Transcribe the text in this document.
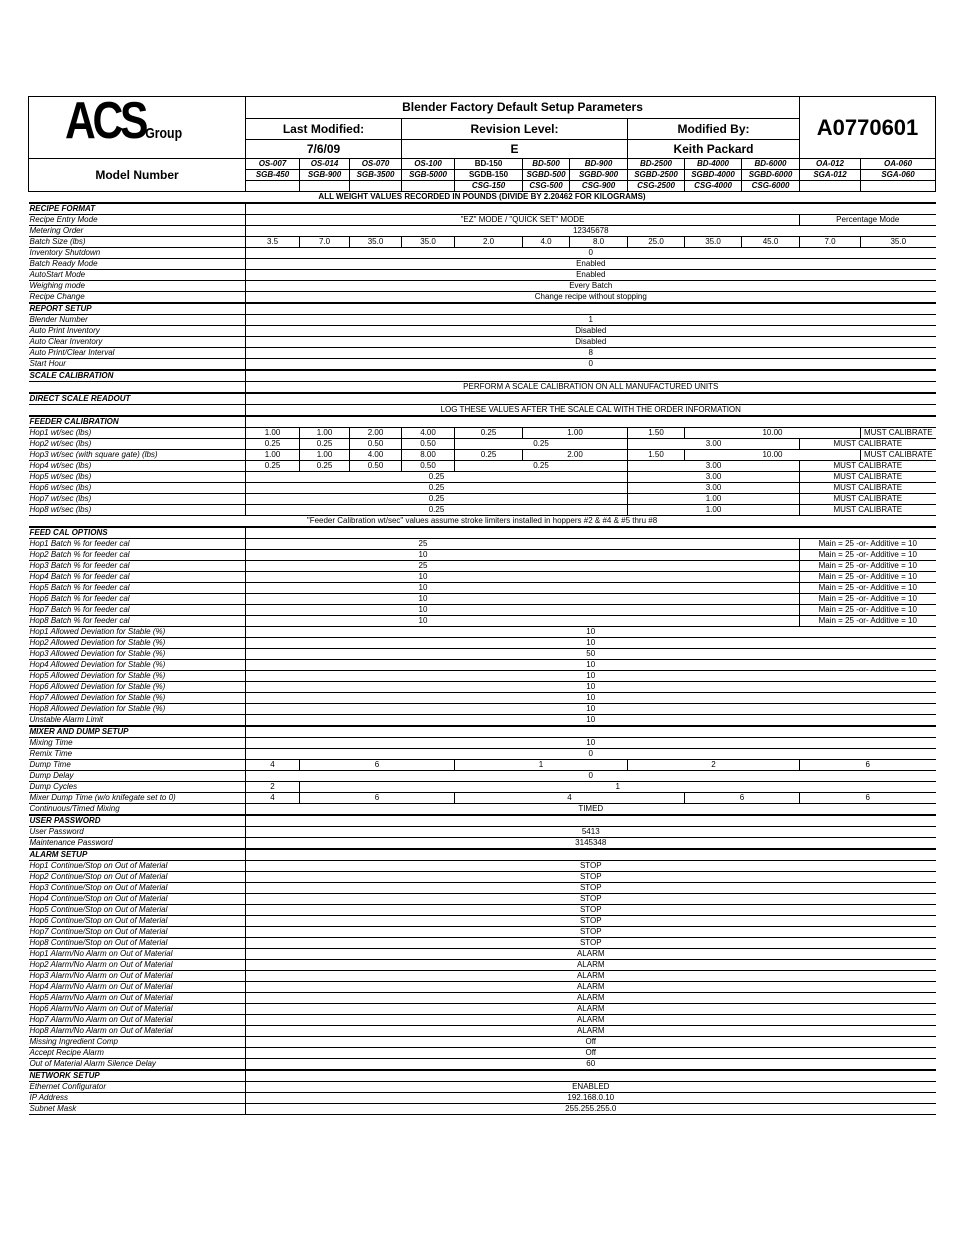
ACSGroup	Blender Factory Default Setup Parameters										A0770601	
	Last Modified:			Revision Level:				Modified By:				
	7/6/09			E				Keith Packard				
Model Number	OS-007	OS-014	OS-070	OS-100	BD-150	BD-500	BD-900	BD-2500	BD-4000	BD-6000	OA-012	OA-060
	SGB-450	SGB-900	SGB-3500	SGB-5000	SGDB-150	SGBD-500	SGBD-900	SGBD-2500	SGBD-4000	SGBD-6000	SGA-012	SGA-060
					CSG-150	CSG-500	CSG-900	CSG-2500	CSG-4000	CSG-6000		
ALL WEIGHT VALUES RECORDED IN POUNDS (DIVIDE BY 2.20462 FOR KILOGRAMS)												
RECIPE FORMAT												
Recipe Entry Mode	"EZ" MODE / "QUICK SET" MODE										Percentage Mode	
Metering Order	12345678											
Batch Size (lbs)	3.5	7.0	35.0	35.0	2.0	4.0	8.0	25.0	35.0	45.0	7.0	35.0
Inventory Shutdown	0											
Batch Ready Mode	Enabled											
AutoStart Mode	Enabled											
Weighing mode	Every Batch											
Recipe Change	Change recipe without stopping											
REPORT SETUP												
Blender Number	1											
Auto Print Inventory	Disabled											
Auto Clear Inventory	Disabled											
Auto Print/Clear Interval	8											
Start Hour	0											
SCALE CALIBRATION												
	PERFORM A SCALE CALIBRATION ON ALL MANUFACTURED UNITS											
DIRECT SCALE READOUT												
	LOG THESE VALUES AFTER THE SCALE CAL WITH THE ORDER INFORMATION											
FEEDER CALIBRATION												
Hop1 wt/sec (lbs)	1.00	1.00	2.00	4.00	0.25	1.00		1.50	10.00			MUST CALIBRATE
Hop2 wt/sec (lbs)	0.25	0.25	0.50	0.50	0.25			3.00			MUST CALIBRATE	
Hop3 wt/sec (with square gate) (lbs)	1.00	1.00	4.00	8.00	0.25	2.00		1.50	10.00			MUST CALIBRATE
Hop4 wt/sec (lbs)	0.25	0.25	0.50	0.50	0.25			3.00			MUST CALIBRATE	
Hop5 wt/sec (lbs)	0.25							3.00			MUST CALIBRATE	
Hop6 wt/sec (lbs)	0.25							3.00			MUST CALIBRATE	
Hop7 wt/sec (lbs)	0.25							1.00			MUST CALIBRATE	
Hop8 wt/sec (lbs)	0.25							1.00			MUST CALIBRATE	
"Feeder Calibration wt/sec" values assume stroke limiters installed in hoppers #2 & #4 & #5 thru #8												
FEED CAL OPTIONS												
Hop1 Batch % for feeder cal	25										Main = 25 -or- Additive = 10	
Hop2 Batch % for feeder cal	10										Main = 25 -or- Additive = 10	
Hop3 Batch % for feeder cal	25										Main = 25 -or- Additive = 10	
Hop4 Batch % for feeder cal	10										Main = 25 -or- Additive = 10	
Hop5 Batch % for feeder cal	10										Main = 25 -or- Additive = 10	
Hop6 Batch % for feeder cal	10										Main = 25 -or- Additive = 10	
Hop7 Batch % for feeder cal	10										Main = 25 -or- Additive = 10	
Hop8 Batch % for feeder cal	10										Main = 25 -or- Additive = 10	
Hop1 Allowed Deviation for Stable (%)	10											
Hop2 Allowed Deviation for Stable (%)	10											
Hop3 Allowed Deviation for Stable (%)	50											
Hop4 Allowed Deviation for Stable (%)	10											
Hop5 Allowed Deviation for Stable (%)	10											
Hop6 Allowed Deviation for Stable (%)	10											
Hop7 Allowed Deviation for Stable (%)	10											
Hop8 Allowed Deviation for Stable (%)	10											
Unstable Alarm Limit	10											
MIXER AND DUMP SETUP												
Mixing Time	10											
Remix Time	0											
Dump Time	4	6			1			2			6	
Dump Delay	0											
Dump Cycles	2	1										
Mixer Dump Time (w/o knifegate set to 0)	4	6			4				6		6	
Continuous/Timed Mixing	TIMED											
USER PASSWORD												
User Password	5413											
Maintenance Password	3145348											
ALARM SETUP												
Hop1 Continue/Stop on Out of Material	STOP											
Hop2 Continue/Stop on Out of Material	STOP											
Hop3 Continue/Stop on Out of Material	STOP											
Hop4 Continue/Stop on Out of Material	STOP											
Hop5 Continue/Stop on Out of Material	STOP											
Hop6 Continue/Stop on Out of Material	STOP											
Hop7 Continue/Stop on Out of Material	STOP											
Hop8 Continue/Stop on Out of Material	STOP											
Hop1 Alarm/No Alarm on Out of Material	ALARM											
Hop2 Alarm/No Alarm on Out of Material	ALARM											
Hop3 Alarm/No Alarm on Out of Material	ALARM											
Hop4 Alarm/No Alarm on Out of Material	ALARM											
Hop5 Alarm/No Alarm on Out of Material	ALARM											
Hop6 Alarm/No Alarm on Out of Material	ALARM											
Hop7 Alarm/No Alarm on Out of Material	ALARM											
Hop8 Alarm/No Alarm on Out of Material	ALARM											
Missing Ingredient Comp	Off											
Accept Recipe Alarm	Off											
Out of Material Alarm Silence Delay	60											
NETWORK SETUP												
Ethernet Configurator	ENABLED											
IP Address	192.168.0.10											
Subnet Mask	255.255.255.0											
